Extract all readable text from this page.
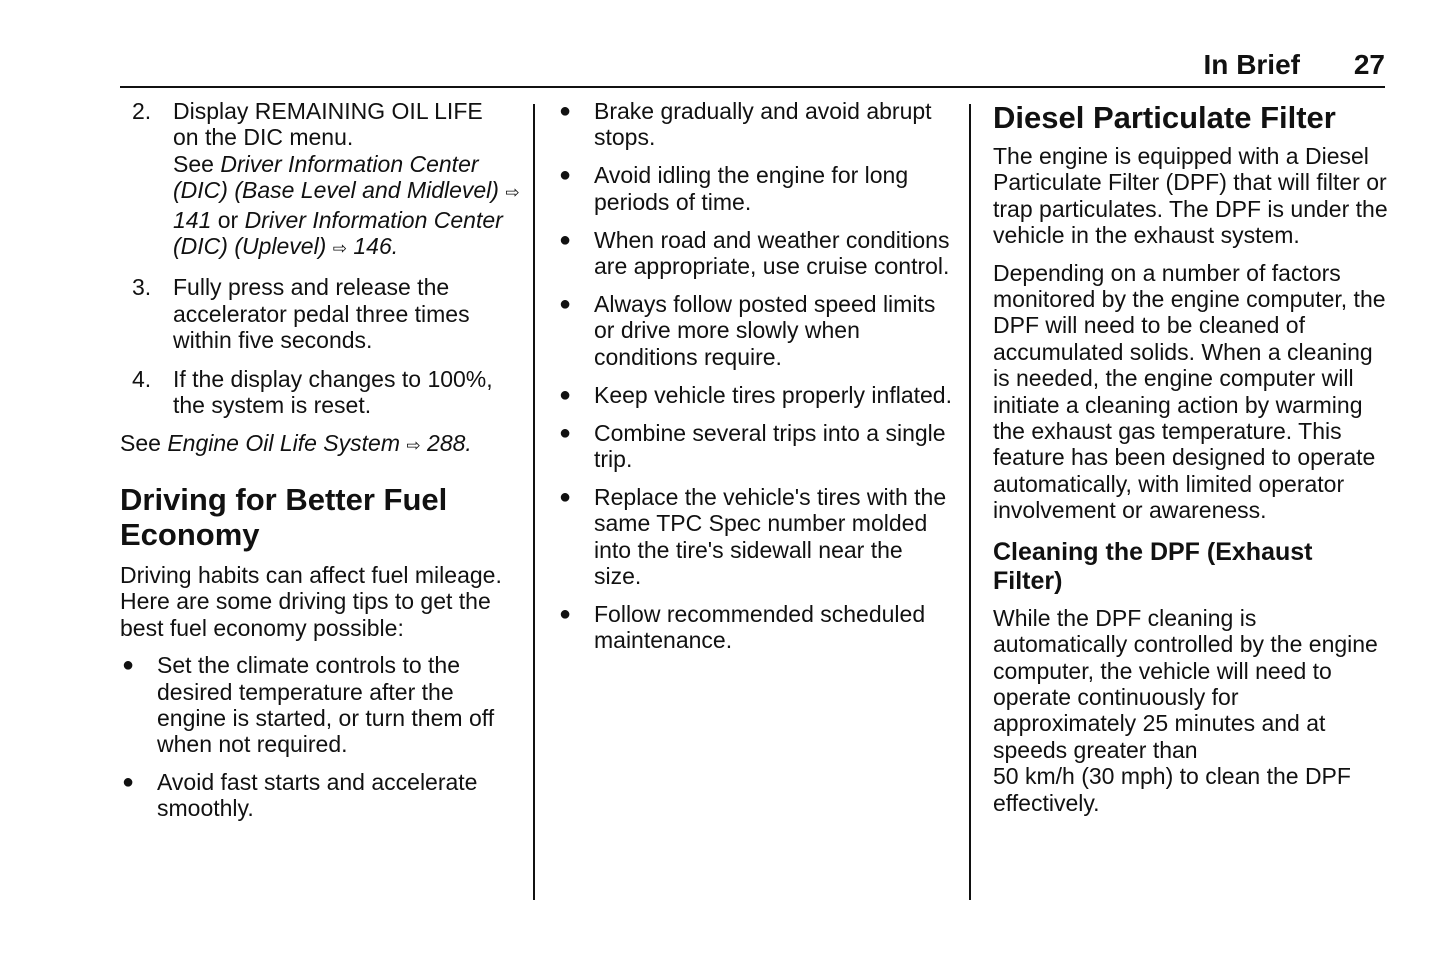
In Brief 27
2. Display REMAINING OIL LIFE
on the DIC menu.
See Driver Information Center (DIC) (Base Level and Midlevel) ⇨ 141 or Driver Information Center (DIC) (Uplevel) ⇨ 146.
3. Fully press and release the accelerator pedal three times within five seconds.
4. If the display changes to 100%, the system is reset.

See Engine Oil Life System ⇨ 288.

Driving for Better Fuel Economy

Driving habits can affect fuel mileage. Here are some driving tips to get the best fuel economy possible:

● Set the climate controls to the desired temperature after the engine is started, or turn them off when not required.
● Avoid fast starts and accelerate smoothly.
● Brake gradually and avoid abrupt stops.
● Avoid idling the engine for long periods of time.
● When road and weather conditions are appropriate, use cruise control.
● Always follow posted speed limits or drive more slowly when conditions require.
● Keep vehicle tires properly inflated.
● Combine several trips into a single trip.
● Replace the vehicle's tires with the same TPC Spec number molded into the tire's sidewall near the size.
● Follow recommended scheduled maintenance.
Diesel Particulate Filter

The engine is equipped with a Diesel Particulate Filter (DPF) that will filter or trap particulates. The DPF is under the vehicle in the exhaust system.

Depending on a number of factors monitored by the engine computer, the DPF will need to be cleaned of accumulated solids. When a cleaning is needed, the engine computer will initiate a cleaning action by warming the exhaust gas temperature. This feature has been designed to operate automatically, with limited operator involvement or awareness.

Cleaning the DPF (Exhaust Filter)

While the DPF cleaning is automatically controlled by the engine computer, the vehicle will need to operate continuously for approximately 25 minutes and at speeds greater than
50 km/h (30 mph) to clean the DPF effectively.
